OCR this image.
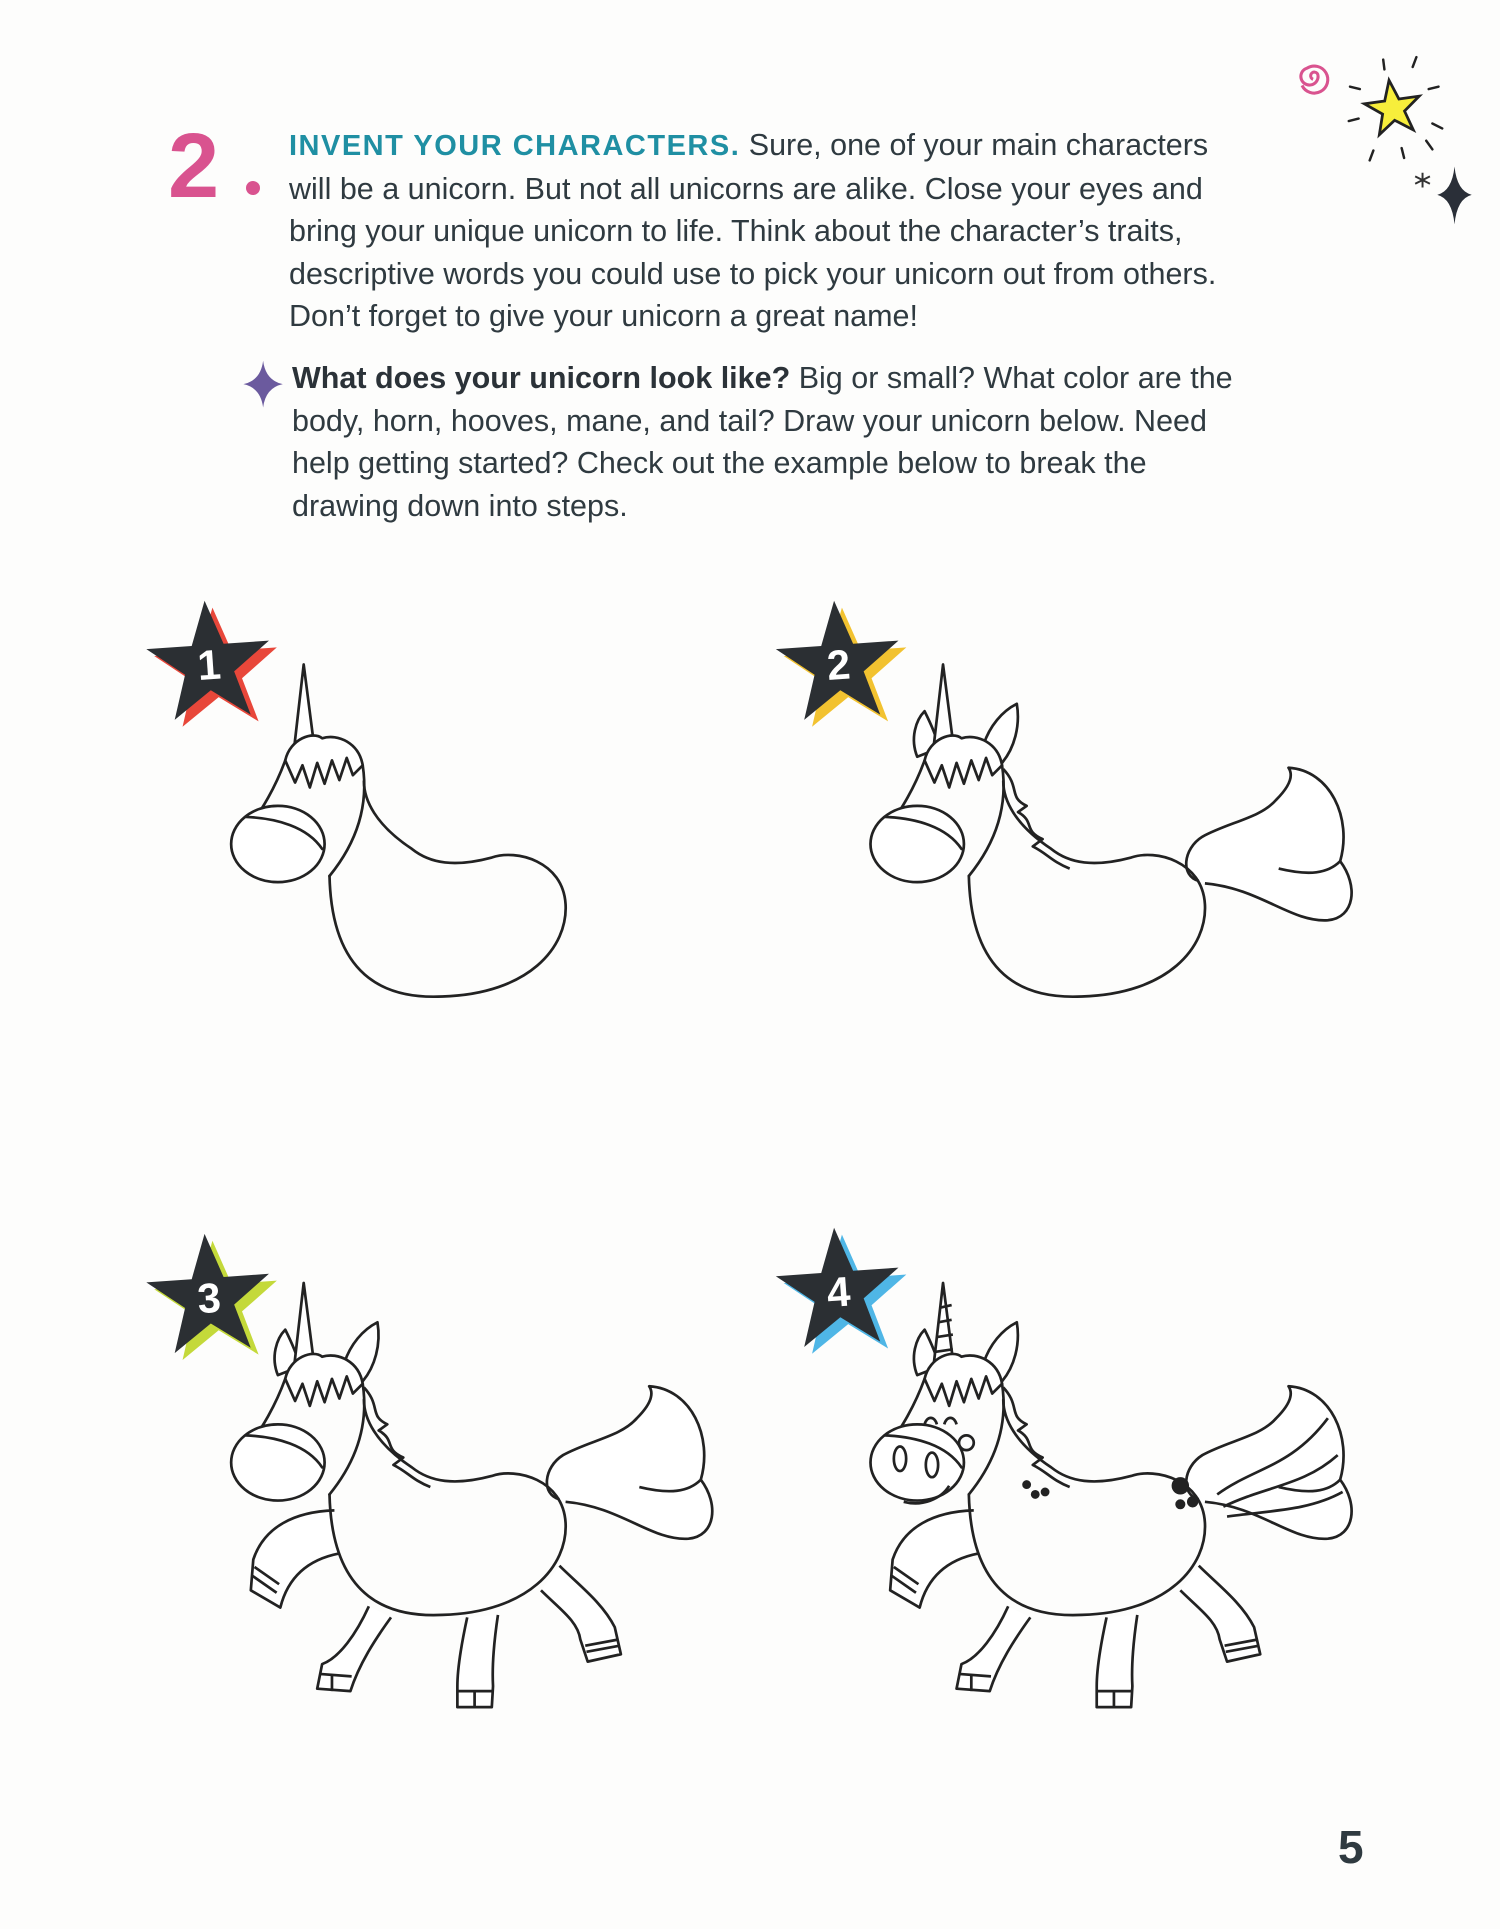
1	2
3	4
2 INVENT YOUR CHARACTERS. Sure, one of your main characters
will be a unicorn. But not all unicorns are alike. Close your eyes and
bring your unique unicorn to life. Think about the character’s traits,
descriptive words you could use to pick your unicorn out from others.
Don’t forget to give your unicorn a great name!
What does your unicorn look like? Big or small? What color are the
body, horn, hooves, mane, and tail? Draw your unicorn below. Need
help getting started? Check out the example below to break the
drawing down into steps.
5
